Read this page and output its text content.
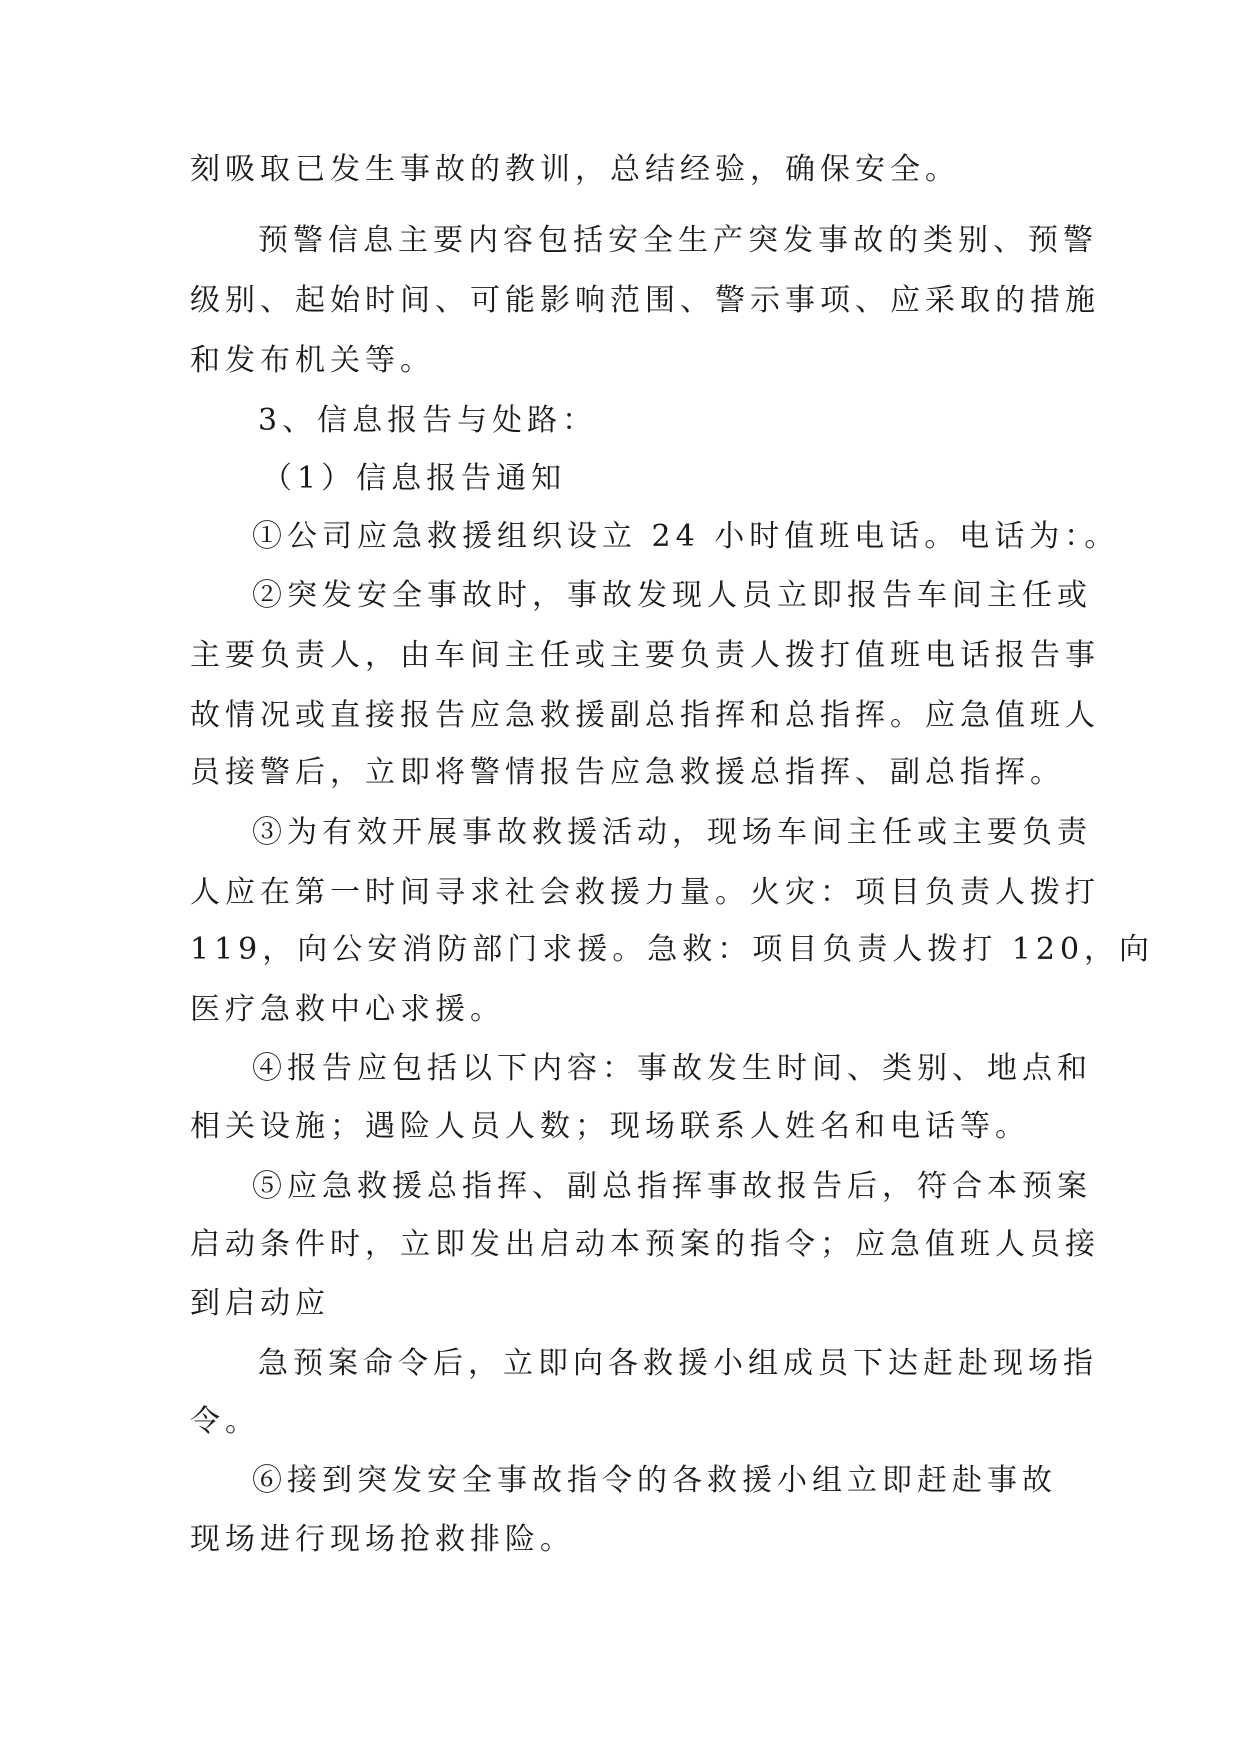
刻吸取已发生事故的教训，总结经验，确保安全。
预警信息主要内容包括安全生产突发事故的类别、预警
级别、起始时间、可能影响范围、警示事项、应采取的措施
和发布机关等。
3、信息报告与处路：
（1）信息报告通知
①公司应急救援组织设立 24 小时值班电话。电话为：。
②突发安全事故时，事故发现人员立即报告车间主任或
主要负责人，由车间主任或主要负责人拨打值班电话报告事
故情况或直接报告应急救援副总指挥和总指挥。应急值班人
员接警后，立即将警情报告应急救援总指挥、副总指挥。
③为有效开展事故救援活动，现场车间主任或主要负责
人应在第一时间寻求社会救援力量。火灾：项目负责人拨打
119，向公安消防部门求援。急救：项目负责人拨打 120，向
医疗急救中心求援。
④报告应包括以下内容：事故发生时间、类别、地点和
相关设施；遇险人员人数；现场联系人姓名和电话等。
⑤应急救援总指挥、副总指挥事故报告后，符合本预案
启动条件时，立即发出启动本预案的指令；应急值班人员接
到启动应
急预案命令后，立即向各救援小组成员下达赶赴现场指
令。
⑥接到突发安全事故指令的各救援小组立即赶赴事故
现场进行现场抢救排险。
